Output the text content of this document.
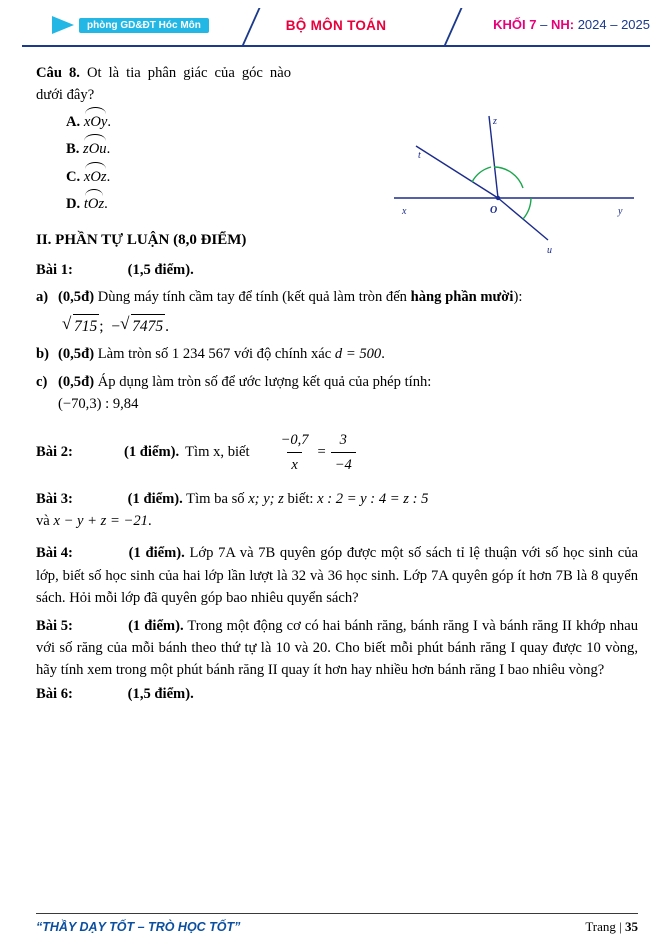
phòng GD&ĐT Hóc Môn	BỘ MÔN TOÁN	KHỐI 7 – NH: 2024 – 2025
z
t
x	y
u
O
Câu 8. Ot là tia phân giác của góc nào dưới đây?
A. xOy.
B. zOu.
C. xOz.
D. tOz.
II. PHẦN TỰ LUẬN (8,0 ĐIỂM)
Bài 1:	(1,5 điểm).
a) (0,5đ) Dùng máy tính cầm tay để tính (kết quả làm tròn đến hàng phần mười):
√ 715 ; − √ 7475 .
b) (0,5đ) Làm tròn số 1 234 567 với độ chính xác d = 500.
c) (0,5đ) Áp dụng làm tròn số để ước lượng kết quả của phép tính:
(−70,3) : 9,84
Bài 2:	(1 điểm). Tìm x, biết $\frac{-0,7}{x} = \frac{3}{-4}$
Bài 3:	(1 điểm). Tìm ba số x; y; z biết: x : 2 = y : 4 = z : 5
và x − y + z = −21.
Bài 4:	(1 điểm). Lớp 7A và 7B quyên góp được một số sách tỉ lệ thuận với số học sinh của lớp, biết số học sinh của hai lớp lần lượt là 32 và 36 học sinh. Lớp 7A quyên góp ít hơn 7B là 8 quyển sách. Hỏi mỗi lớp đã quyên góp bao nhiêu quyển sách?
Bài 5:	(1 điểm). Trong một động cơ có hai bánh răng, bánh răng I và bánh răng II khớp nhau với số răng của mỗi bánh theo thứ tự là 10 và 20. Cho biết mỗi phút bánh răng I quay được 10 vòng, hãy tính xem trong một phút bánh răng II quay ít hơn hay nhiều hơn bánh răng I bao nhiêu vòng?
Bài 6:	(1,5 điểm).
“THẦY DẠY TỐT – TRÒ HỌC TỐT”	Trang | 35
